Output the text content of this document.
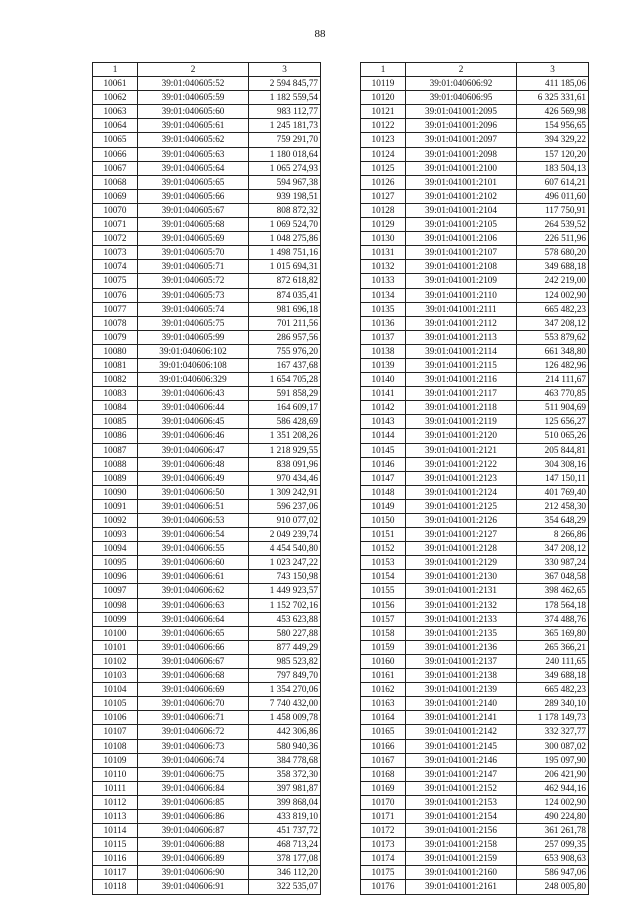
88
1	2	3
10061	39:01:040605:52	2 594 845,77
10062	39:01:040605:59	1 182 559,54
10063	39:01:040605:60	983 112,77
10064	39:01:040605:61	1 245 181,73
10065	39:01:040605:62	759 291,70
10066	39:01:040605:63	1 180 018,64
10067	39:01:040605:64	1 065 274,93
10068	39:01:040605:65	594 967,38
10069	39:01:040605:66	939 198,51
10070	39:01:040605:67	808 872,32
10071	39:01:040605:68	1 069 524,70
10072	39:01:040605:69	1 048 275,86
10073	39:01:040605:70	1 498 751,16
10074	39:01:040605:71	1 015 694,31
10075	39:01:040605:72	872 618,82
10076	39:01:040605:73	874 035,41
10077	39:01:040605:74	981 696,18
10078	39:01:040605:75	701 211,56
10079	39:01:040605:99	286 957,56
10080	39:01:040606:102	755 976,20
10081	39:01:040606:108	167 437,68
10082	39:01:040606:329	1 654 705,28
10083	39:01:040606:43	591 858,29
10084	39:01:040606:44	164 609,17
10085	39:01:040606:45	586 428,69
10086	39:01:040606:46	1 351 208,26
10087	39:01:040606:47	1 218 929,55
10088	39:01:040606:48	838 091,96
10089	39:01:040606:49	970 434,46
10090	39:01:040606:50	1 309 242,91
10091	39:01:040606:51	596 237,06
10092	39:01:040606:53	910 077,02
10093	39:01:040606:54	2 049 239,74
10094	39:01:040606:55	4 454 540,80
10095	39:01:040606:60	1 023 247,22
10096	39:01:040606:61	743 150,98
10097	39:01:040606:62	1 449 923,57
10098	39:01:040606:63	1 152 702,16
10099	39:01:040606:64	453 623,88
10100	39:01:040606:65	580 227,88
10101	39:01:040606:66	877 449,29
10102	39:01:040606:67	985 523,82
10103	39:01:040606:68	797 849,70
10104	39:01:040606:69	1 354 270,06
10105	39:01:040606:70	7 740 432,00
10106	39:01:040606:71	1 458 009,78
10107	39:01:040606:72	442 306,86
10108	39:01:040606:73	580 940,36
10109	39:01:040606:74	384 778,68
10110	39:01:040606:75	358 372,30
10111	39:01:040606:84	397 981,87
10112	39:01:040606:85	399 868,04
10113	39:01:040606:86	433 819,10
10114	39:01:040606:87	451 737,72
10115	39:01:040606:88	468 713,24
10116	39:01:040606:89	378 177,08
10117	39:01:040606:90	346 112,20
10118	39:01:040606:91	322 535,07
1	2	3
10119	39:01:040606:92	411 185,06
10120	39:01:040606:95	6 325 331,61
10121	39:01:041001:2095	426 569,98
10122	39:01:041001:2096	154 956,65
10123	39:01:041001:2097	394 329,22
10124	39:01:041001:2098	157 120,20
10125	39:01:041001:2100	183 504,13
10126	39:01:041001:2101	607 614,21
10127	39:01:041001:2102	496 011,60
10128	39:01:041001:2104	117 750,91
10129	39:01:041001:2105	264 539,52
10130	39:01:041001:2106	226 511,96
10131	39:01:041001:2107	578 680,20
10132	39:01:041001:2108	349 688,18
10133	39:01:041001:2109	242 219,00
10134	39:01:041001:2110	124 002,90
10135	39:01:041001:2111	665 482,23
10136	39:01:041001:2112	347 208,12
10137	39:01:041001:2113	553 879,62
10138	39:01:041001:2114	661 348,80
10139	39:01:041001:2115	126 482,96
10140	39:01:041001:2116	214 111,67
10141	39:01:041001:2117	463 770,85
10142	39:01:041001:2118	511 904,69
10143	39:01:041001:2119	125 656,27
10144	39:01:041001:2120	510 065,26
10145	39:01:041001:2121	205 844,81
10146	39:01:041001:2122	304 308,16
10147	39:01:041001:2123	147 150,11
10148	39:01:041001:2124	401 769,40
10149	39:01:041001:2125	212 458,30
10150	39:01:041001:2126	354 648,29
10151	39:01:041001:2127	8 266,86
10152	39:01:041001:2128	347 208,12
10153	39:01:041001:2129	330 987,24
10154	39:01:041001:2130	367 048,58
10155	39:01:041001:2131	398 462,65
10156	39:01:041001:2132	178 564,18
10157	39:01:041001:2133	374 488,76
10158	39:01:041001:2135	365 169,80
10159	39:01:041001:2136	265 366,21
10160	39:01:041001:2137	240 111,65
10161	39:01:041001:2138	349 688,18
10162	39:01:041001:2139	665 482,23
10163	39:01:041001:2140	289 340,10
10164	39:01:041001:2141	1 178 149,73
10165	39:01:041001:2142	332 327,77
10166	39:01:041001:2145	300 087,02
10167	39:01:041001:2146	195 097,90
10168	39:01:041001:2147	206 421,90
10169	39:01:041001:2152	462 944,16
10170	39:01:041001:2153	124 002,90
10171	39:01:041001:2154	490 224,80
10172	39:01:041001:2156	361 261,78
10173	39:01:041001:2158	257 099,35
10174	39:01:041001:2159	653 908,63
10175	39:01:041001:2160	586 947,06
10176	39:01:041001:2161	248 005,80
